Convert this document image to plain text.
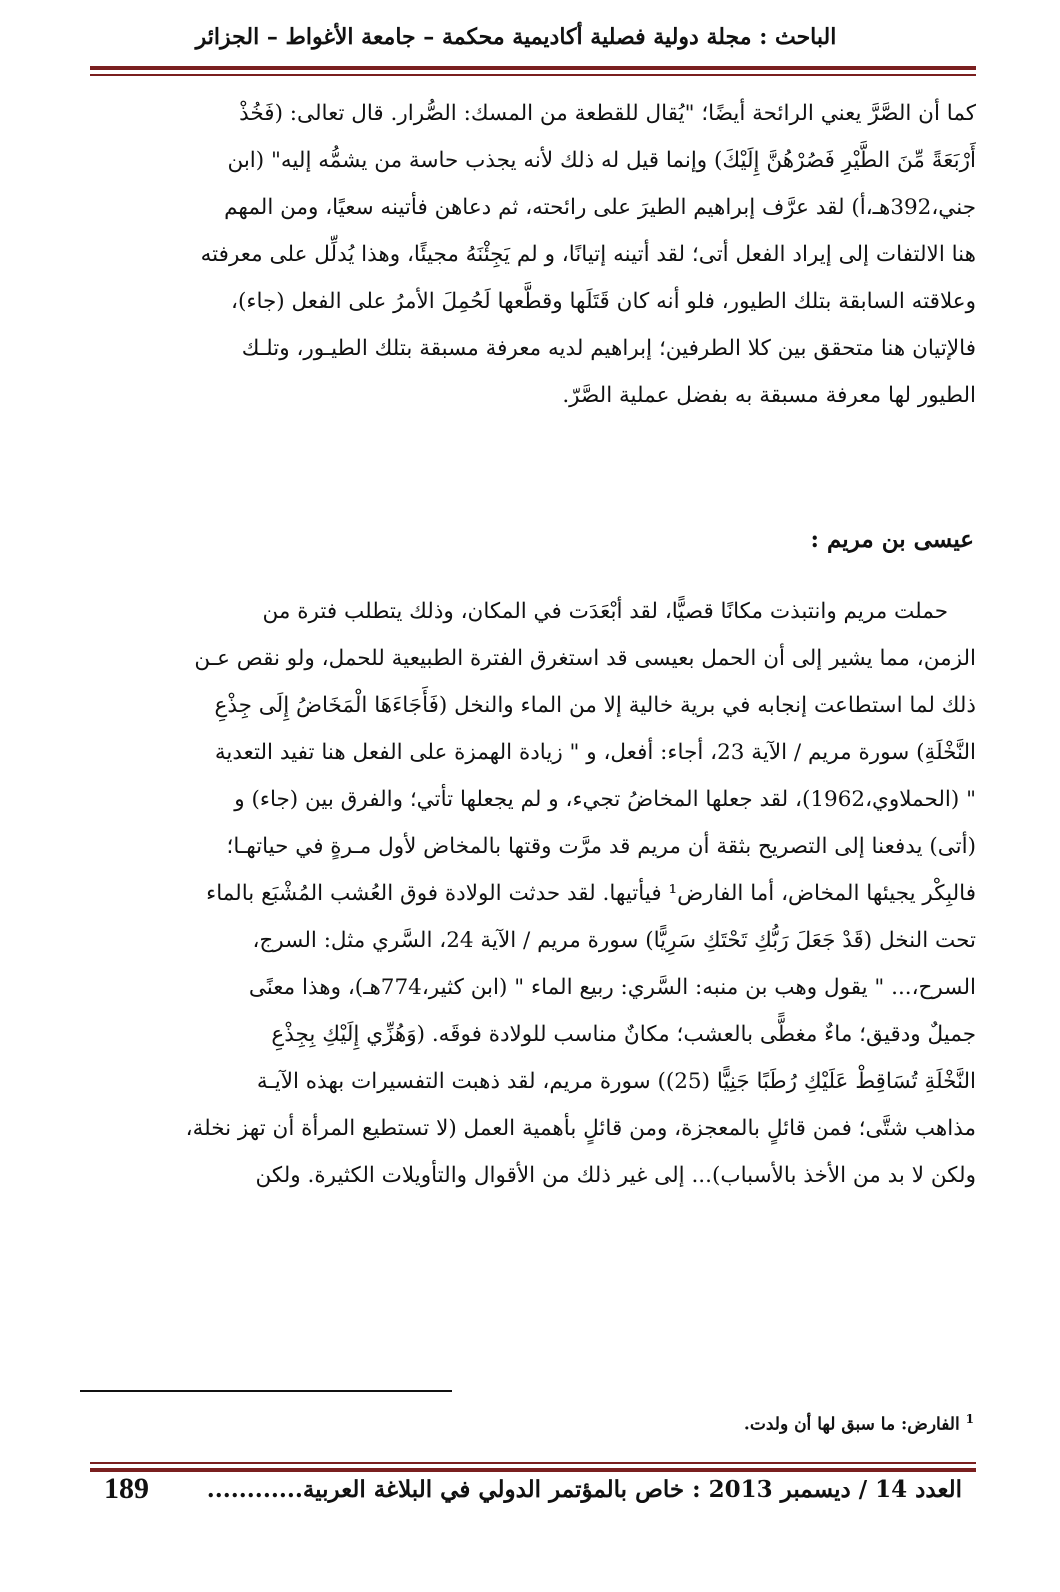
الباحث : مجلة دولية فصلية أكاديمية محكمة – جامعة الأغواط – الجزائر
كما أن الصَّرَّ يعني الرائحة أيضًا؛ "يُقال للقطعة من المسك: الصُّرار. قال تعالى: (فَخُذْ
أَرْبَعَةً مِّنَ الطَّيْرِ فَصُرْهُنَّ إِلَيْكَ) وإنما قيل له ذلك لأنه يجذب حاسة من يشمُّه إليه" (ابن
جني،392هـ،أ) لقد عرَّف إبراهيم الطيرَ على رائحته، ثم دعاهن فأتينه سعيًا، ومن المهم
هنا الالتفات إلى إيراد الفعل أتى؛ لقد أتينه إتيانًا، و لم يَجِئْنَهُ مجيئًا، وهذا يُدلِّل على معرفته
وعلاقته السابقة بتلك الطيور، فلو أنه كان قَتَلَها وقطَّعها لَحُمِلَ الأمرُ على الفعل (جاء)،
فالإتيان هنا متحقق بين كلا الطرفين؛ إبراهيم لديه معرفة مسبقة بتلك الطيـور، وتلـك
الطيور لها معرفة مسبقة به بفضل عملية الصَّرّ.
عيسى بن مريم :
حملت مريم وانتبذت مكانًا قصيًّا، لقد أبْعَدَت في المكان، وذلك يتطلب فترة من
الزمن، مما يشير إلى أن الحمل بعيسى قد استغرق الفترة الطبيعية للحمل، ولو نقص عـن
ذلك لما استطاعت إنجابه في برية خالية إلا من الماء والنخل (فَأَجَاءَهَا الْمَخَاضُ إِلَى جِذْعِ
النَّخْلَةِ) سورة مريم / الآية 23، أجاء: أفعل، و " زيادة الهمزة على الفعل هنا تفيد التعدية
" (الحملاوي،1962)، لقد جعلها المخاضُ تجيء، و لم يجعلها تأتي؛ والفرق بين (جاء) و
(أتى) يدفعنا إلى التصريح بثقة أن مريم قد مرَّت وقتها بالمخاض لأول مـرةٍ في حياتهـا؛
فالبِكْر يجيئها المخاض، أما الفارض¹ فيأتيها. لقد حدثت الولادة فوق العُشب المُشْبَع بالماء
تحت النخل (قَدْ جَعَلَ رَبُّكِ تَحْتَكِ سَرِيًّا) سورة مريم / الآية 24، السَّري مثل: السرج،
السرح،... " يقول وهب بن منبه: السَّري: ربيع الماء " (ابن كثير،774هـ)، وهذا معنًى
جميلٌ ودقيق؛ ماءٌ مغطًّى بالعشب؛ مكانٌ مناسب للولادة فوقَه. (وَهُزِّي إِلَيْكِ بِجِذْعِ
النَّخْلَةِ تُسَاقِطْ عَلَيْكِ رُطَبًا جَنِيًّا (25)) سورة مريم، لقد ذهبت التفسيرات بهذه الآيـة
مذاهب شتَّى؛ فمن قائلٍ بالمعجزة، ومن قائلٍ بأهمية العمل (لا تستطيع المرأة أن تهز نخلة،
ولكن لا بد من الأخذ بالأسباب)... إلى غير ذلك من الأقوال والتأويلات الكثيرة. ولكن
$^1$ الفارض: ما سبق لها أن ولدت.
العدد 14 / ديسمبر 2013 : خاص بالمؤتمر الدولي في البلاغة العربية............
189
